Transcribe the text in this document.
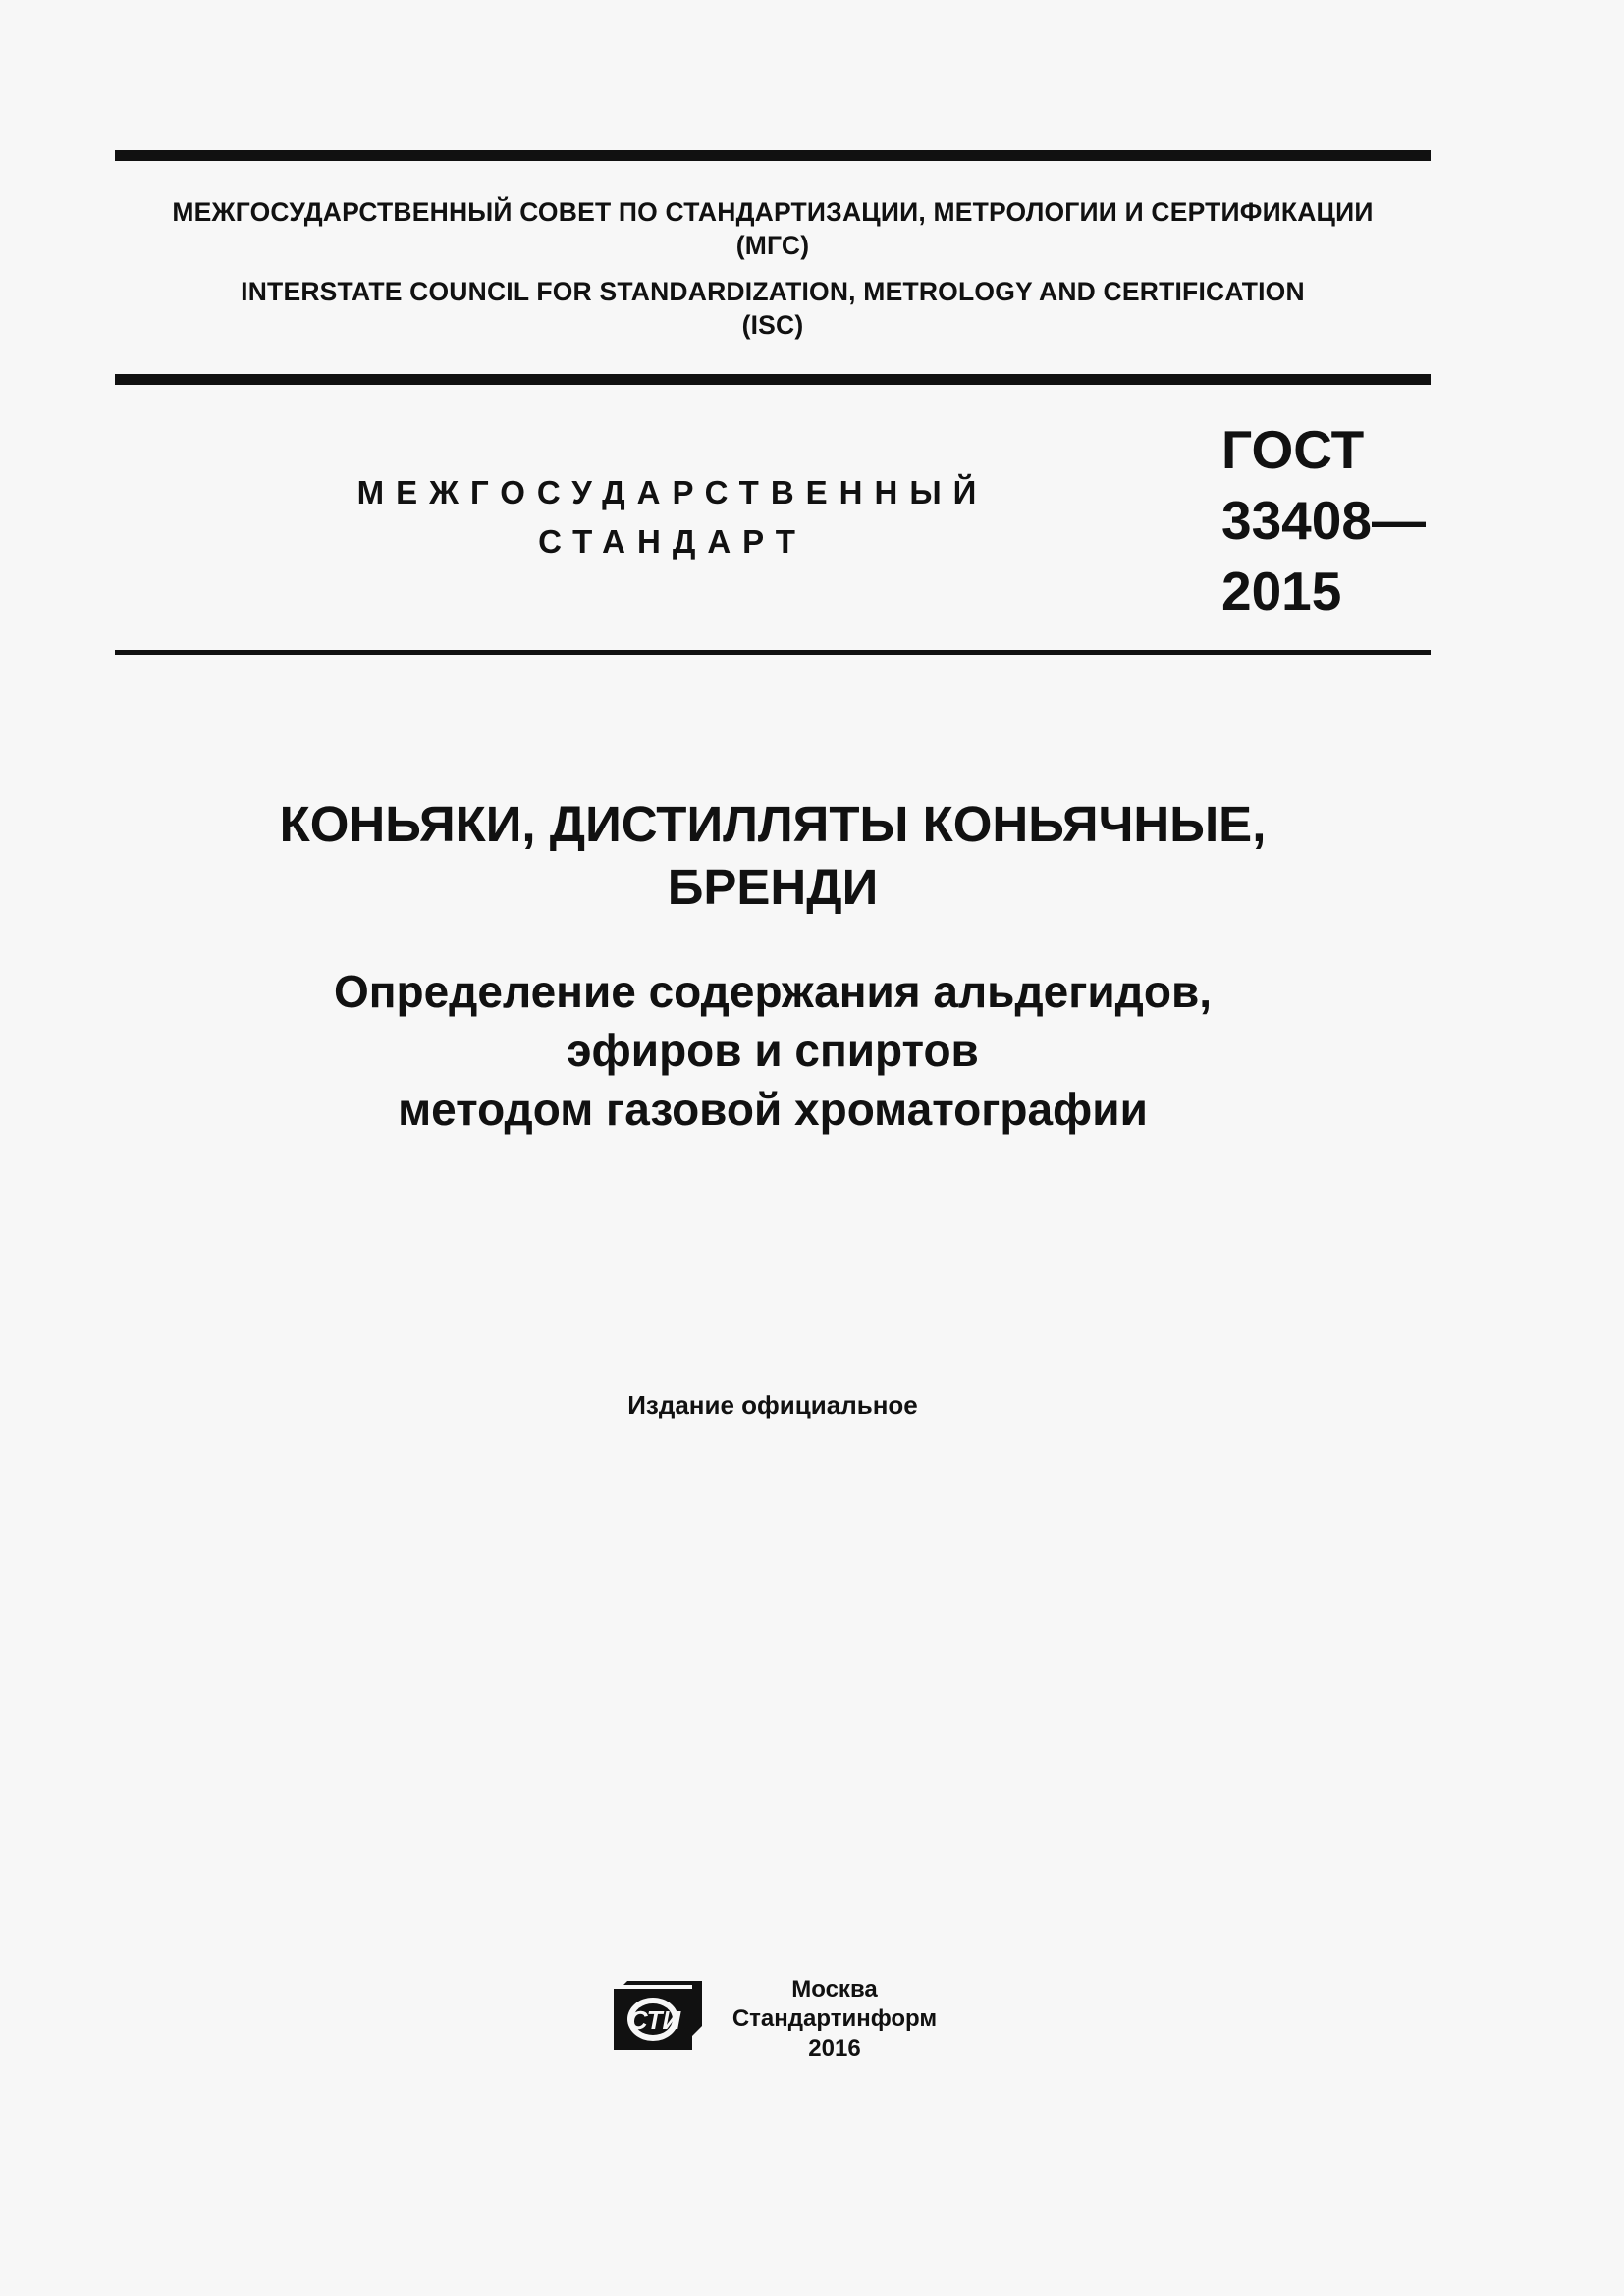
МЕЖГОСУДАРСТВЕННЫЙ СОВЕТ ПО СТАНДАРТИЗАЦИИ, МЕТРОЛОГИИ И СЕРТИФИКАЦИИ
(МГС)
INTERSTATE COUNCIL FOR STANDARDIZATION, METROLOGY AND CERTIFICATION
(ISC)
МЕЖГОСУДАРСТВЕННЫЙ
СТАНДАРТ
ГОСТ
33408—
2015
КОНЬЯКИ, ДИСТИЛЛЯТЫ КОНЬЯЧНЫЕ,
БРЕНДИ
Определение содержания альдегидов,
эфиров и спиртов
методом газовой хроматографии
Издание официальное
СТИ
Москва
Стандартинформ
2016
